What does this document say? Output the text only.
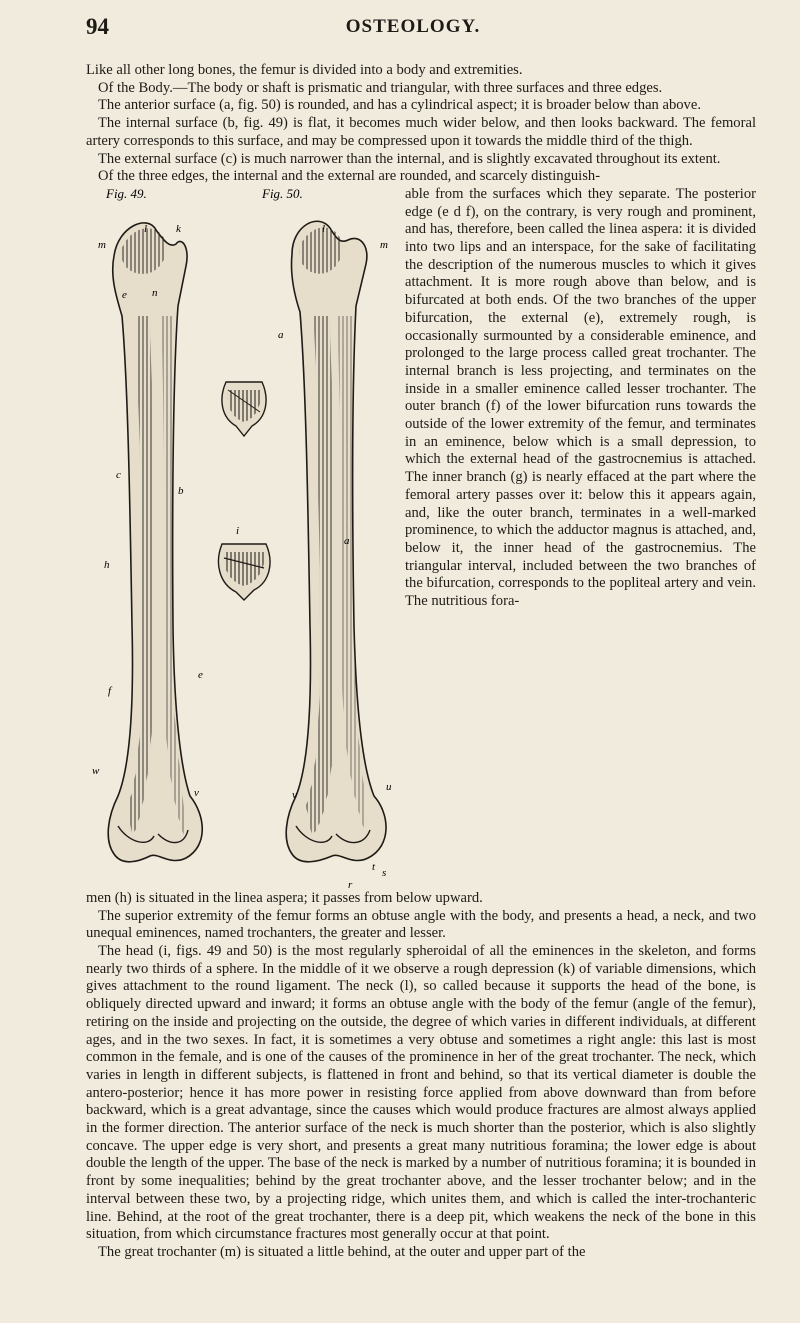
94	OSTEOLOGY.

Like all other long bones, the femur is divided into a body and extremities.

Of the Body.—The body or shaft is prismatic and triangular, with three surfaces and three edges.

The anterior surface (a, fig. 50) is rounded, and has a cylindrical aspect; it is broader below than above.

The internal surface (b, fig. 49) is flat, it becomes much wider below, and then looks backward. The femoral artery corresponds to this surface, and may be compressed upon it towards the middle third of the thigh.

The external surface (c) is much narrower than the internal, and is slightly excavated throughout its extent.

Of the three edges, the internal and the external are rounded, and scarcely distinguish-

Fig. 49.	Fig. 50.
l	k
m
e n
c
b
h
f
w
v
l
m
a
i
a
e
v
u
t s
r

able from the surfaces which they separate. The posterior edge (e d f), on the contrary, is very rough and prominent, and has, therefore, been called the linea aspera: it is divided into two lips and an interspace, for the sake of facilitating the description of the numerous muscles to which it gives attachment. It is more rough above than below, and is bifurcated at both ends. Of the two branches of the upper bifurcation, the external (e), extremely rough, is occasionally surmounted by a considerable eminence, and prolonged to the large process called great trochanter. The internal branch is less projecting, and terminates on the inside in a smaller eminence called lesser trochanter. The outer branch (f) of the lower bifurcation runs towards the outside of the lower extremity of the femur, and terminates in an eminence, below which is a small depression, to which the external head of the gastrocnemius is attached. The inner branch (g) is nearly effaced at the part where the femoral artery passes over it: below this it appears again, and, like the outer branch, terminates in a well-marked prominence, to which the adductor magnus is attached, and, below it, the inner head of the gastrocnemius. The triangular interval, included between the two branches of the bifurcation, corresponds to the popliteal artery and vein. The nutritious fora-

men (h) is situated in the linea aspera; it passes from below upward.

The superior extremity of the femur forms an obtuse angle with the body, and presents a head, a neck, and two unequal eminences, named trochanters, the greater and lesser.

The head (i, figs. 49 and 50) is the most regularly spheroidal of all the eminences in the skeleton, and forms nearly two thirds of a sphere. In the middle of it we observe a rough depression (k) of variable dimensions, which gives attachment to the round ligament. The neck (l), so called because it supports the head of the bone, is obliquely directed upward and inward; it forms an obtuse angle with the body of the femur (angle of the femur), retiring on the inside and projecting on the outside, the degree of which varies in different individuals, at different ages, and in the two sexes. In fact, it is sometimes a very obtuse and sometimes a right angle: this last is most common in the female, and is one of the causes of the prominence in her of the great trochanter. The neck, which varies in length in different subjects, is flattened in front and behind, so that its vertical diameter is double the antero-posterior; hence it has more power in resisting force applied from above downward than from before backward, which is a great advantage, since the causes which would produce fractures are almost always applied in the former direction. The anterior surface of the neck is much shorter than the posterior, which is also slightly concave. The upper edge is very short, and presents a great many nutritious foramina; the lower edge is about double the length of the upper. The base of the neck is marked by a number of nutritious foramina; it is bounded in front by some inequalities; behind by the great trochanter above, and the lesser trochanter below; and in the interval between these two, by a projecting ridge, which unites them, and which is called the inter-trochanteric line. Behind, at the root of the great trochanter, there is a deep pit, which weakens the neck of the bone in this situation, from which circumstance fractures most generally occur at that point.

The great trochanter (m) is situated a little behind, at the outer and upper part of the
